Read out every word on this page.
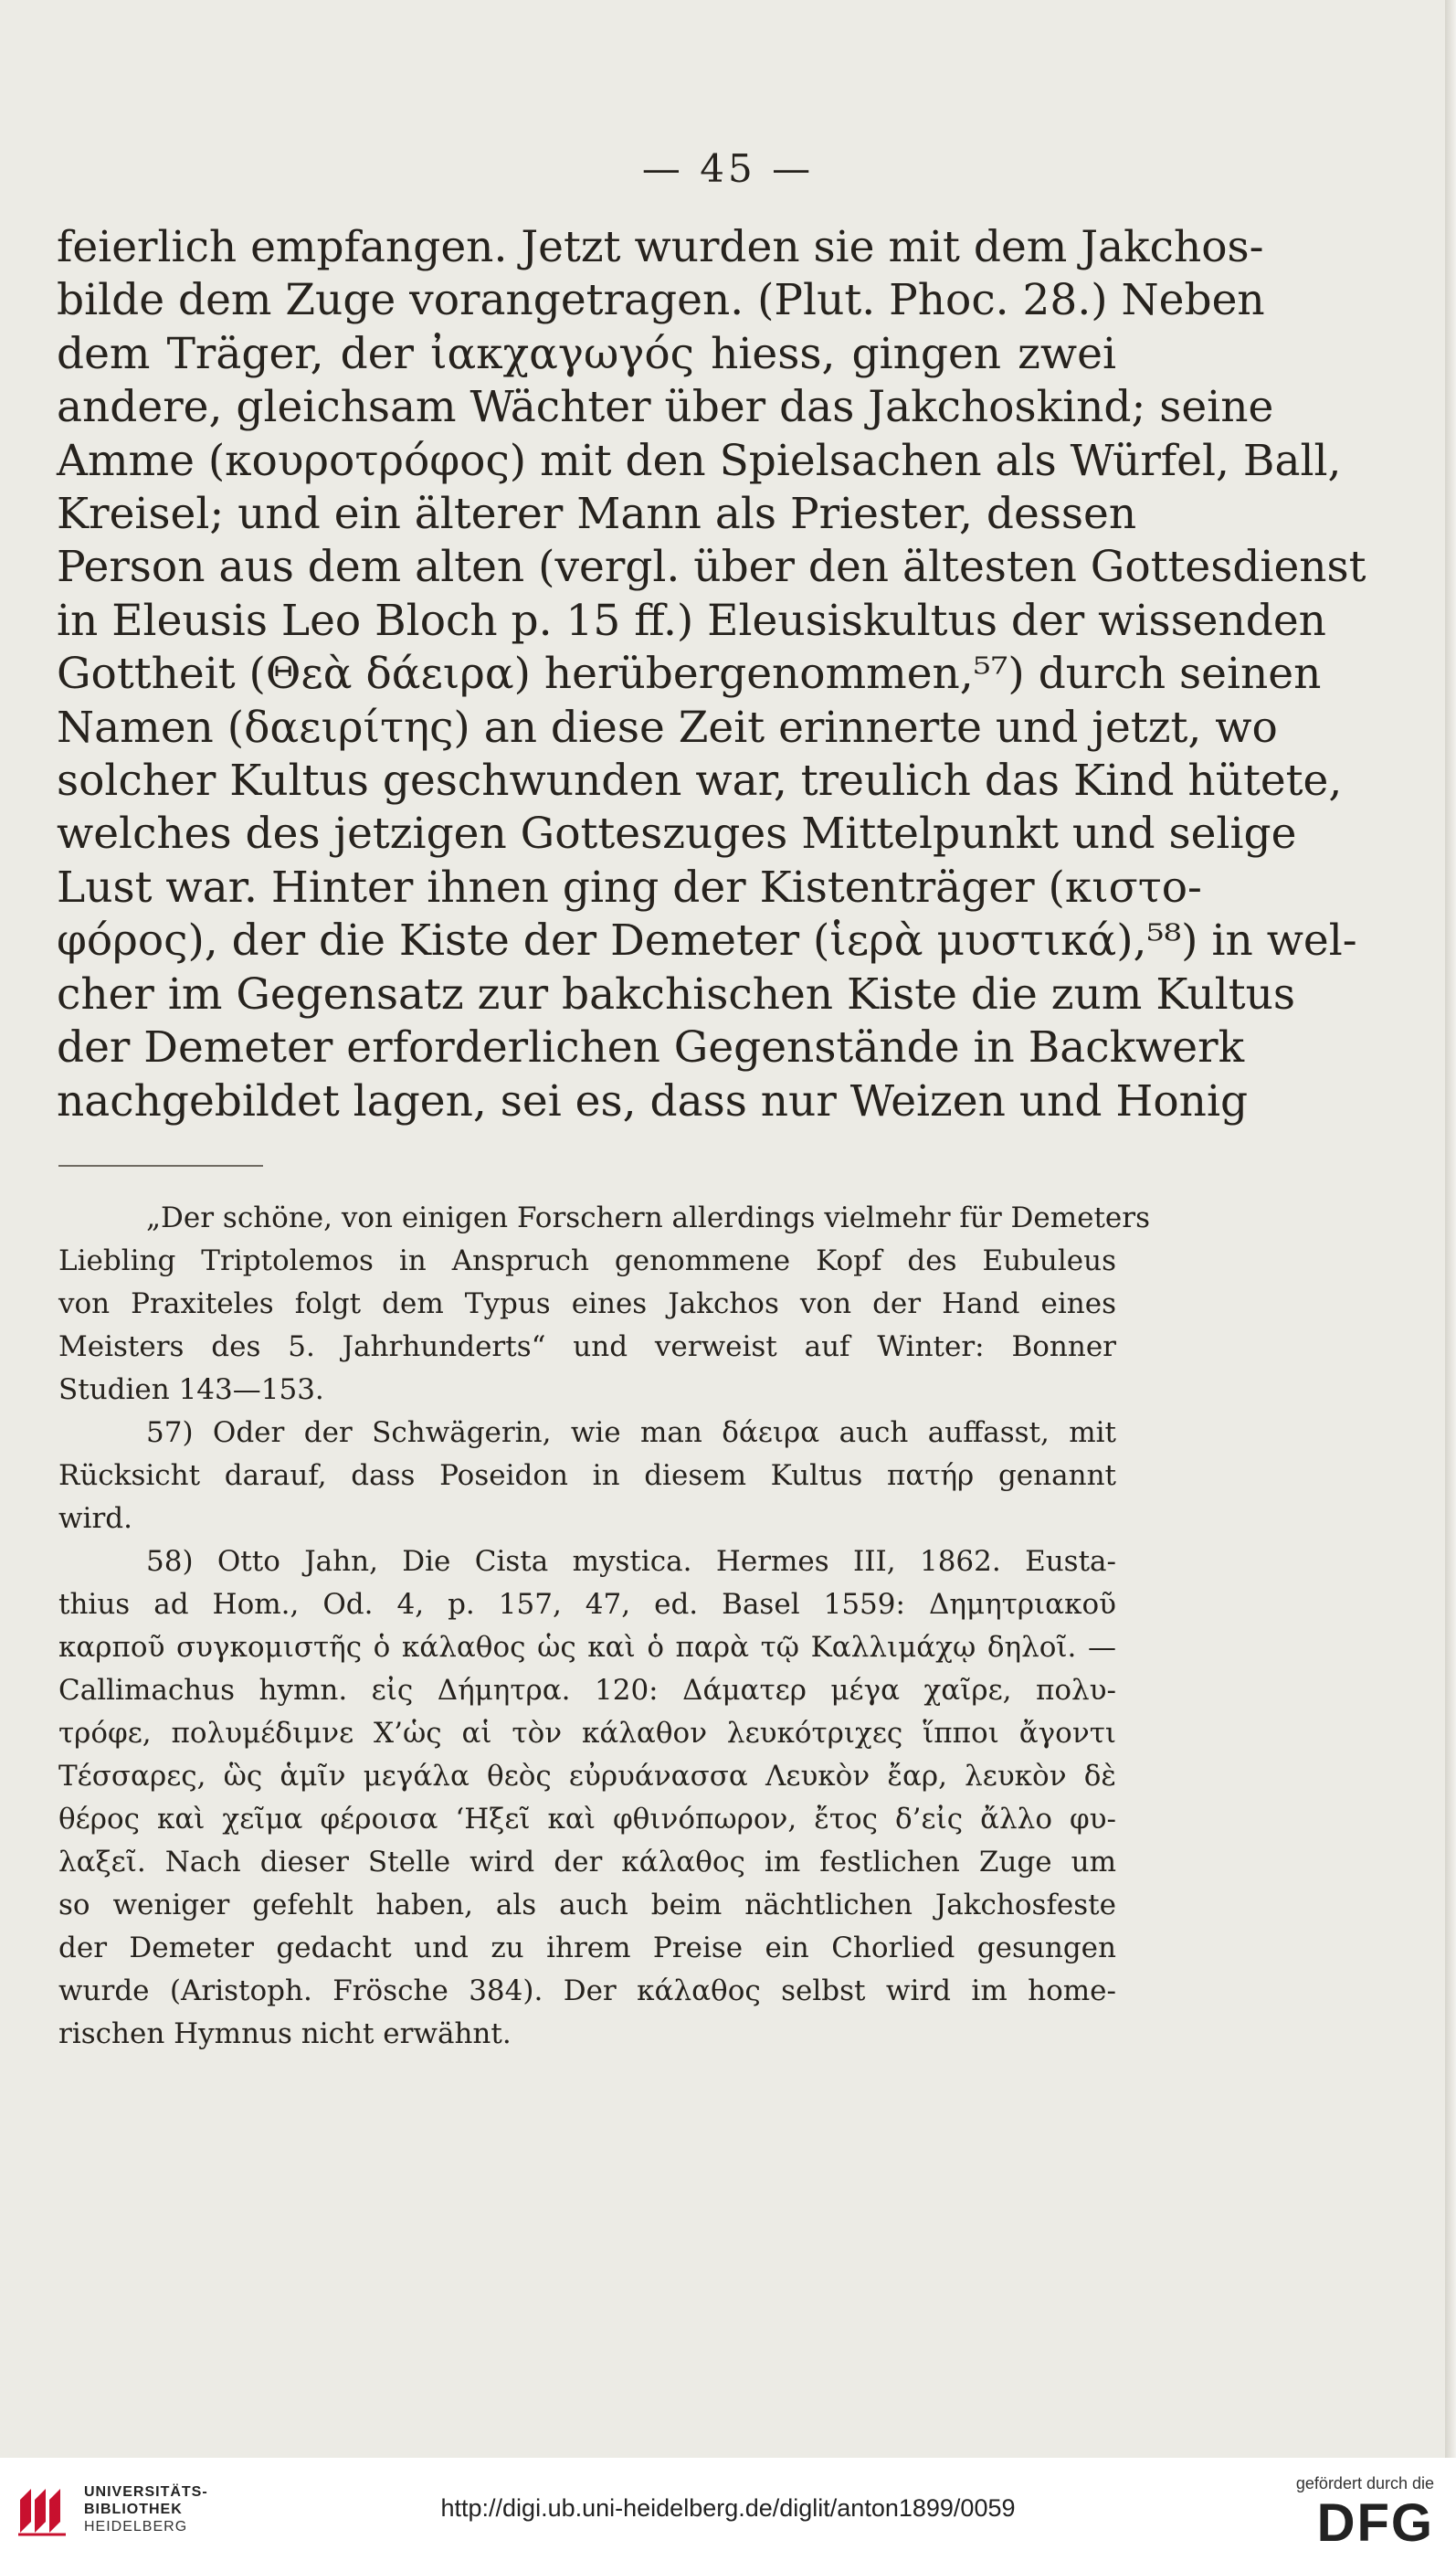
— 45 —
feierlich empfangen. Jetzt wurden sie mit dem Jakchos-
bilde dem Zuge vorangetragen. (Plut. Phoc. 28.) Neben
dem Träger, der ἰακχαγωγός hiess, gingen zwei
andere, gleichsam Wächter über das Jakchoskind; seine
Amme (κουροτρόφος) mit den Spielsachen als Würfel, Ball,
Kreisel; und ein älterer Mann als Priester, dessen
Person aus dem alten (vergl. über den ältesten Gottesdienst
in Eleusis Leo Bloch p. 15 ff.) Eleusiskultus der wissenden
Gottheit (Θεὰ δάειρα) herübergenommen,⁵⁷) durch seinen
Namen (δαειρίτης) an diese Zeit erinnerte und jetzt, wo
solcher Kultus geschwunden war, treulich das Kind hütete,
welches des jetzigen Gotteszuges Mittelpunkt und selige
Lust war. Hinter ihnen ging der Kistenträger (κιστο-
φόρος), der die Kiste der Demeter (ἱερὰ μυστικά),⁵⁸) in wel-
cher im Gegensatz zur bakchischen Kiste die zum Kultus
der Demeter erforderlichen Gegenstände in Backwerk
nachgebildet lagen, sei es, dass nur Weizen und Honig
„Der schöne, von einigen Forschern allerdings vielmehr für Demeters
Liebling Triptolemos in Anspruch genommene Kopf des Eubuleus
von Praxiteles folgt dem Typus eines Jakchos von der Hand eines
Meisters des 5. Jahrhunderts“ und verweist auf Winter: Bonner
Studien 143—153.
57) Oder der Schwägerin, wie man δάειρα auch auffasst, mit
Rücksicht darauf, dass Poseidon in diesem Kultus πατήρ genannt
wird.
58) Otto Jahn, Die Cista mystica. Hermes III, 1862. Eusta-
thius ad Hom., Od. 4, p. 157, 47, ed. Basel 1559: Δημητριακοῦ
καρποῦ συγκομιστῆς ὁ κάλαθος ὡς καὶ ὁ παρὰ τῷ Καλλιμάχῳ δηλοῖ. —
Callimachus hymn. εἰς Δήμητρα. 120: Δάματερ μέγα χαῖρε, πολυ-
τρόφε, πολυμέδιμνε Χ’ὡς αἱ τὸν κάλαθον λευκότριχες ἵπποι ἄγοντι
Τέσσαρες, ὣς ἁμῖν μεγάλα θεὸς εὐρυάνασσα Λευκὸν ἔαρ, λευκὸν δὲ
θέρος καὶ χεῖμα φέροισα ‘Ηξεῖ καὶ φθινόπωρον, ἔτος δ’εἰς ἄλλο φυ-
λαξεῖ. Nach dieser Stelle wird der κάλαθος im festlichen Zuge um
so weniger gefehlt haben, als auch beim nächtlichen Jakchosfeste
der Demeter gedacht und zu ihrem Preise ein Chorlied gesungen
wurde (Aristoph. Frösche 384). Der κάλαθος selbst wird im home-
rischen Hymnus nicht erwähnt.
UNIVERSITÄTS-
BIBLIOTHEK
HEIDELBERG
http://digi.ub.uni-heidelberg.de/diglit/anton1899/0059
gefördert durch die
DFG
